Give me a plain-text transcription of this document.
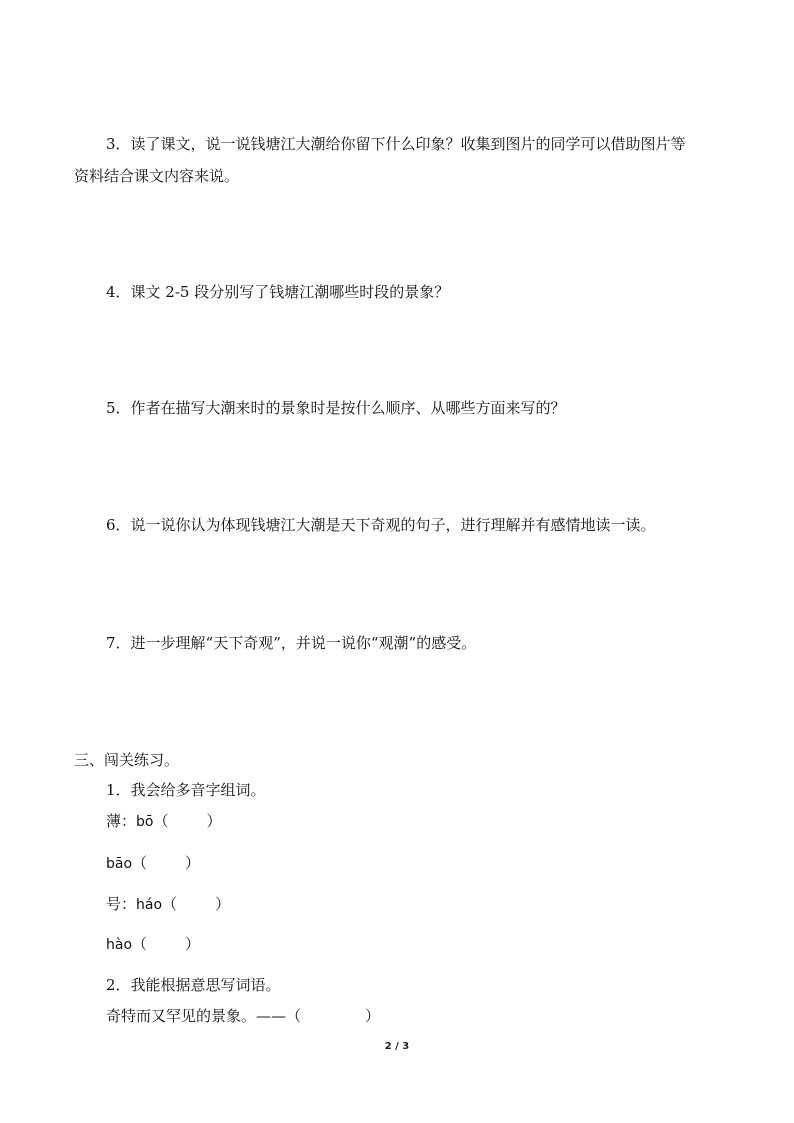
3．读了课文，说一说钱塘江大潮给你留下什么印象？收集到图片的同学可以借助图片等
资料结合课文内容来说。
4．课文 2-5 段分别写了钱塘江潮哪些时段的景象？
5．作者在描写大潮来时的景象时是按什么顺序、从哪些方面来写的？
6．说一说你认为体现钱塘江大潮是天下奇观的句子，进行理解并有感情地读一读。
7．进一步理解“天下奇观”，并说一说你“观潮”的感受。
三、闯关练习。
1．我会给多音字组词。
薄：bō（	）
bāo（	）
号：háo（	）
hào（	）
2．我能根据意思写词语。
奇特而又罕见的景象。——（	）
2 / 3
